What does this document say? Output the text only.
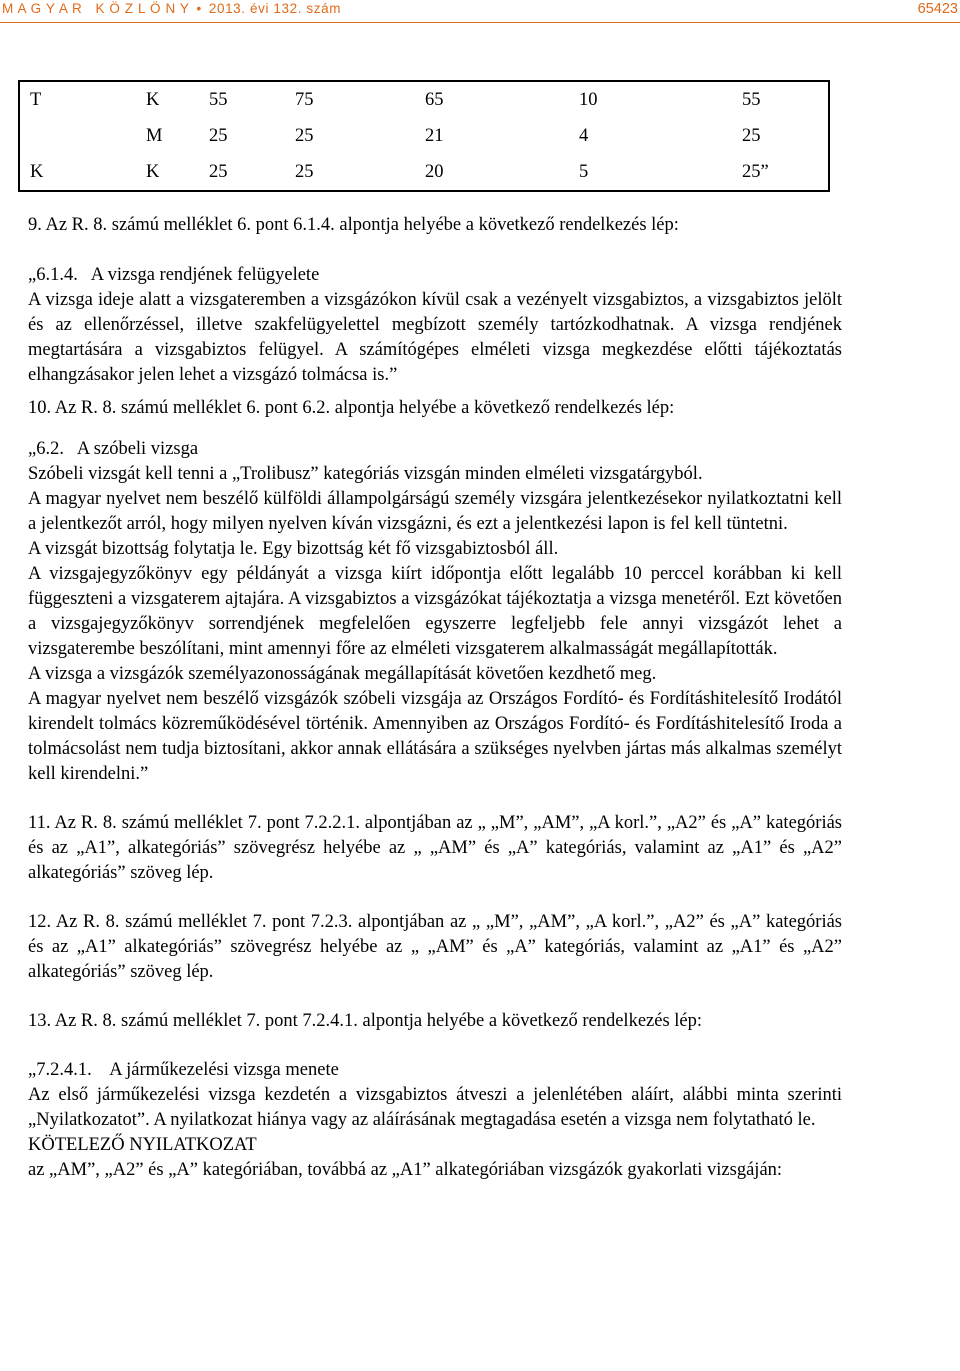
M A G Y A R   K Ö Z L Ö N Y • 2013. évi 132. szám	65423
T	K	55	75	65	10	55
	M	25	25	21	4	25
K	K	25	25	20	5	25”

9. Az R. 8. számú melléklet 6. pont 6.1.4. alpontja helyébe a következő rendelkezés lép:

„6.1.4.   A vizsga rendjének felügyelete

A vizsga ideje alatt a vizsgateremben a vizsgázókon kívül csak a vezényelt vizsgabiztos, a vizsgabiztos jelölt és az ellenőrzéssel, illetve szakfelügyelettel megbízott személy tartózkodhatnak. A vizsga rendjének megtartására a vizsgabiztos felügyel. A számítógépes elméleti vizsga megkezdése előtti tájékoztatás elhangzásakor jelen lehet a vizsgázó tolmácsa is.”

10. Az R. 8. számú melléklet 6. pont 6.2. alpontja helyébe a következő rendelkezés lép:

„6.2.   A szóbeli vizsga

Szóbeli vizsgát kell tenni a „Trolibusz” kategóriás vizsgán minden elméleti vizsgatárgyból.

A magyar nyelvet nem beszélő külföldi állampolgárságú személy vizsgára jelentkezésekor nyilatkoztatni kell a jelentkezőt arról, hogy milyen nyelven kíván vizsgázni, és ezt a jelentkezési lapon is fel kell tüntetni.

A vizsgát bizottság folytatja le. Egy bizottság két fő vizsgabiztosból áll.

A vizsgajegyzőkönyv egy példányát a vizsga kiírt időpontja előtt legalább 10 perccel korábban ki kell függeszteni a vizsgaterem ajtajára. A vizsgabiztos a vizsgázókat tájékoztatja a vizsga menetéről. Ezt követően a vizsgajegyzőkönyv sorrendjének megfelelően egyszerre legfeljebb fele annyi vizsgázót lehet a vizsgaterembe beszólítani, mint amennyi főre az elméleti vizsgaterem alkalmasságát megállapították.

A vizsga a vizsgázók személyazonosságának megállapítását követően kezdhető meg.

A magyar nyelvet nem beszélő vizsgázók szóbeli vizsgája az Országos Fordító- és Fordításhitelesítő Irodától kirendelt tolmács közreműködésével történik. Amennyiben az Országos Fordító- és Fordításhitelesítő Iroda a tolmácsolást nem tudja biztosítani, akkor annak ellátására a szükséges nyelvben jártas más alkalmas személyt kell kirendelni.”

11. Az R. 8. számú melléklet 7. pont 7.2.2.1. alpontjában az „ „M”, „AM”, „A korl.”, „A2” és „A” kategóriás és az „A1”, alkategóriás” szövegrész helyébe az „ „AM” és „A” kategóriás, valamint az „A1” és „A2” alkategóriás” szöveg lép.

12. Az R. 8. számú melléklet 7. pont 7.2.3. alpontjában az „ „M”, „AM”, „A korl.”, „A2” és „A” kategóriás és az „A1” alkategóriás” szövegrész helyébe az „ „AM” és „A” kategóriás, valamint az „A1” és „A2” alkategóriás” szöveg lép.

13. Az R. 8. számú melléklet 7. pont 7.2.4.1. alpontja helyébe a következő rendelkezés lép:

„7.2.4.1.    A járműkezelési vizsga menete

Az első járműkezelési vizsga kezdetén a vizsgabiztos átveszi a jelenlétében aláírt, alábbi minta szerinti „Nyilatkozatot”. A nyilatkozat hiánya vagy az aláírásának megtagadása esetén a vizsga nem folytatható le.

KÖTELEZŐ NYILATKOZAT

az „AM”, „A2” és „A” kategóriában, továbbá az „A1” alkategóriában vizsgázók gyakorlati vizsgáján:
